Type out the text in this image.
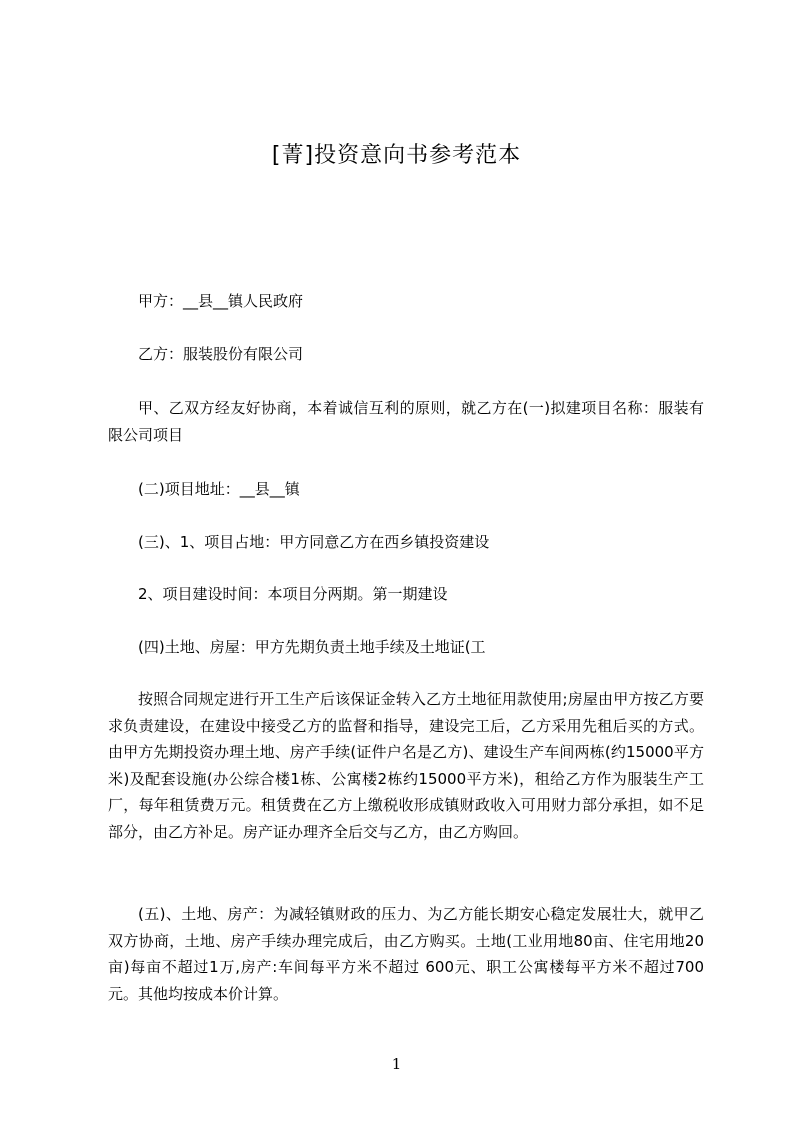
[菁]投资意向书参考范本

甲方：__县__镇人民政府

乙方：服装股份有限公司

甲、乙双方经友好协商，本着诚信互利的原则，就乙方在(一)拟建项目名称：服装有限公司项目

(二)项目地址：__县__镇

(三)、1、项目占地：甲方同意乙方在西乡镇投资建设

2、项目建设时间：本项目分两期。第一期建设

(四)土地、房屋：甲方先期负责土地手续及土地证(工

按照合同规定进行开工生产后该保证金转入乙方土地征用款使用;房屋由甲方按乙方要求负责建设，在建设中接受乙方的监督和指导，建设完工后，乙方采用先租后买的方式。由甲方先期投资办理土地、房产手续(证件户名是乙方)、建设生产车间两栋(约15000平方米)及配套设施(办公综合楼1栋、公寓楼2栋约15000平方米)，租给乙方作为服装生产工厂，每年租赁费万元。租赁费在乙方上缴税收形成镇财政收入可用财力部分承担，如不足部分，由乙方补足。房产证办理齐全后交与乙方，由乙方购回。

(五)、土地、房产：为减轻镇财政的压力、为乙方能长期安心稳定发展壮大，就甲乙双方协商，土地、房产手续办理完成后，由乙方购买。土地(工业用地80亩、住宅用地20亩)每亩不超过1万,房产:车间每平方米不超过 600元、职工公寓楼每平方米不超过700元。其他均按成本价计算。

1
